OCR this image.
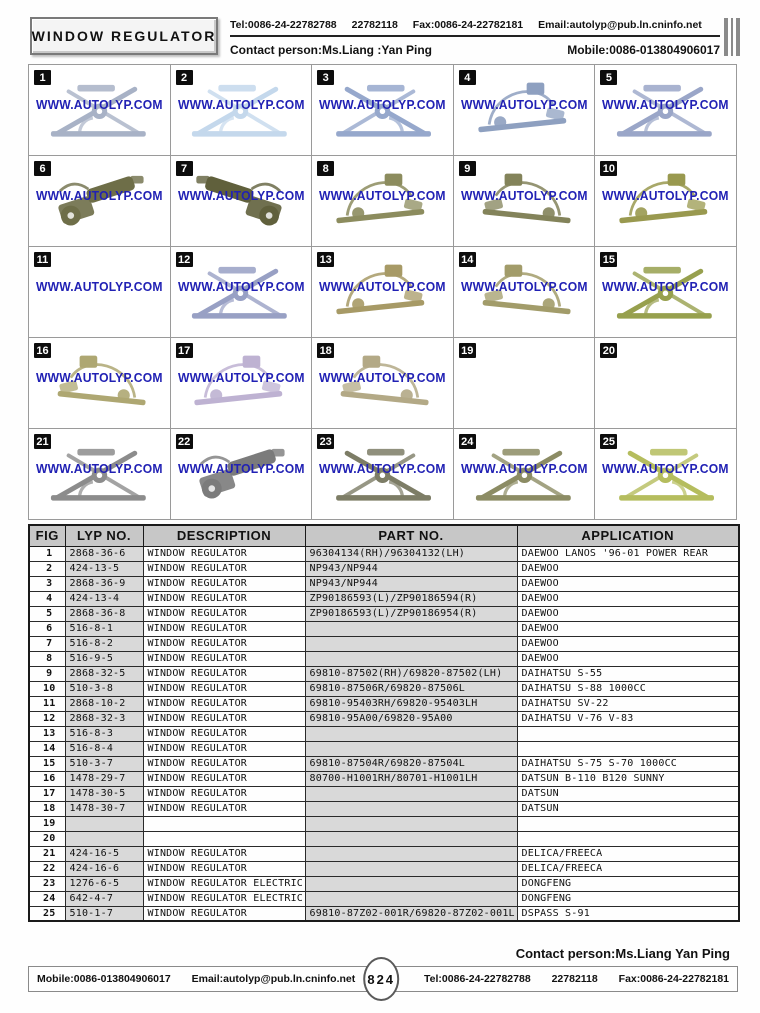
WINDOW REGULATOR
Tel:0086-24-22782788 22782118 Fax:0086-24-22782181 Email:autolyp@pub.ln.cninfo.net
Contact person:Ms.Liang :Yan Ping	Mobile:0086-013804906017
1
WWW.AUTOLYP.COM
2
WWW.AUTOLYP.COM
3
WWW.AUTOLYP.COM
4
WWW.AUTOLYP.COM
5
WWW.AUTOLYP.COM
6
WWW.AUTOLYP.COM
7
WWW.AUTOLYP.COM
8
WWW.AUTOLYP.COM
9
WWW.AUTOLYP.COM
10
WWW.AUTOLYP.COM
11
WWW.AUTOLYP.COM
12
WWW.AUTOLYP.COM
13
WWW.AUTOLYP.COM
14
WWW.AUTOLYP.COM
15
WWW.AUTOLYP.COM
16
WWW.AUTOLYP.COM
17
WWW.AUTOLYP.COM
18
WWW.AUTOLYP.COM
19	20
21
WWW.AUTOLYP.COM
22
WWW.AUTOLYP.COM
23
WWW.AUTOLYP.COM
24
WWW.AUTOLYP.COM
25
WWW.AUTOLYP.COM
FIG	LYP NO.	DESCRIPTION	PART NO.	APPLICATION
1	2868-36-6	WINDOW REGULATOR	96304134(RH)/96304132(LH)	DAEWOO LANOS '96-01 POWER REAR
2	424-13-5	WINDOW REGULATOR	NP943/NP944	DAEWOO
3	2868-36-9	WINDOW REGULATOR	NP943/NP944	DAEWOO
4	424-13-4	WINDOW REGULATOR	ZP90186593(L)/ZP90186594(R)	DAEWOO
5	2868-36-8	WINDOW REGULATOR	ZP90186593(L)/ZP90186954(R)	DAEWOO
6	516-8-1	WINDOW REGULATOR		DAEWOO
7	516-8-2	WINDOW REGULATOR		DAEWOO
8	516-9-5	WINDOW REGULATOR		DAEWOO
9	2868-32-5	WINDOW REGULATOR	69810-87502(RH)/69820-87502(LH)	DAIHATSU S-55
10	510-3-8	WINDOW REGULATOR	69810-87506R/69820-87506L	DAIHATSU S-88 1000CC
11	2868-10-2	WINDOW REGULATOR	69810-95403RH/69820-95403LH	DAIHATSU SV-22
12	2868-32-3	WINDOW REGULATOR	69810-95A00/69820-95A00	DAIHATSU V-76 V-83
13	516-8-3	WINDOW REGULATOR		
14	516-8-4	WINDOW REGULATOR		
15	510-3-7	WINDOW REGULATOR	69810-87504R/69820-87504L	DAIHATSU S-75 S-70 1000CC
16	1478-29-7	WINDOW REGULATOR	80700-H1001RH/80701-H1001LH	DATSUN B-110 B120 SUNNY
17	1478-30-5	WINDOW REGULATOR		DATSUN
18	1478-30-7	WINDOW REGULATOR		DATSUN
19				
20				
21	424-16-5	WINDOW REGULATOR		DELICA/FREECA
22	424-16-6	WINDOW REGULATOR		DELICA/FREECA
23	1276-6-5	WINDOW REGULATOR ELECTRIC		DONGFENG
24	642-4-7	WINDOW REGULATOR ELECTRIC		DONGFENG
25	510-1-7	WINDOW REGULATOR	69810-87Z02-001R/69820-87Z02-001L	DSPASS S-91
Contact person:Ms.Liang Yan Ping
Mobile:0086-013804906017 Email:autolyp@pub.ln.cninfo.net 824	Tel:0086-24-22782788 22782118 Fax:0086-24-22782181
